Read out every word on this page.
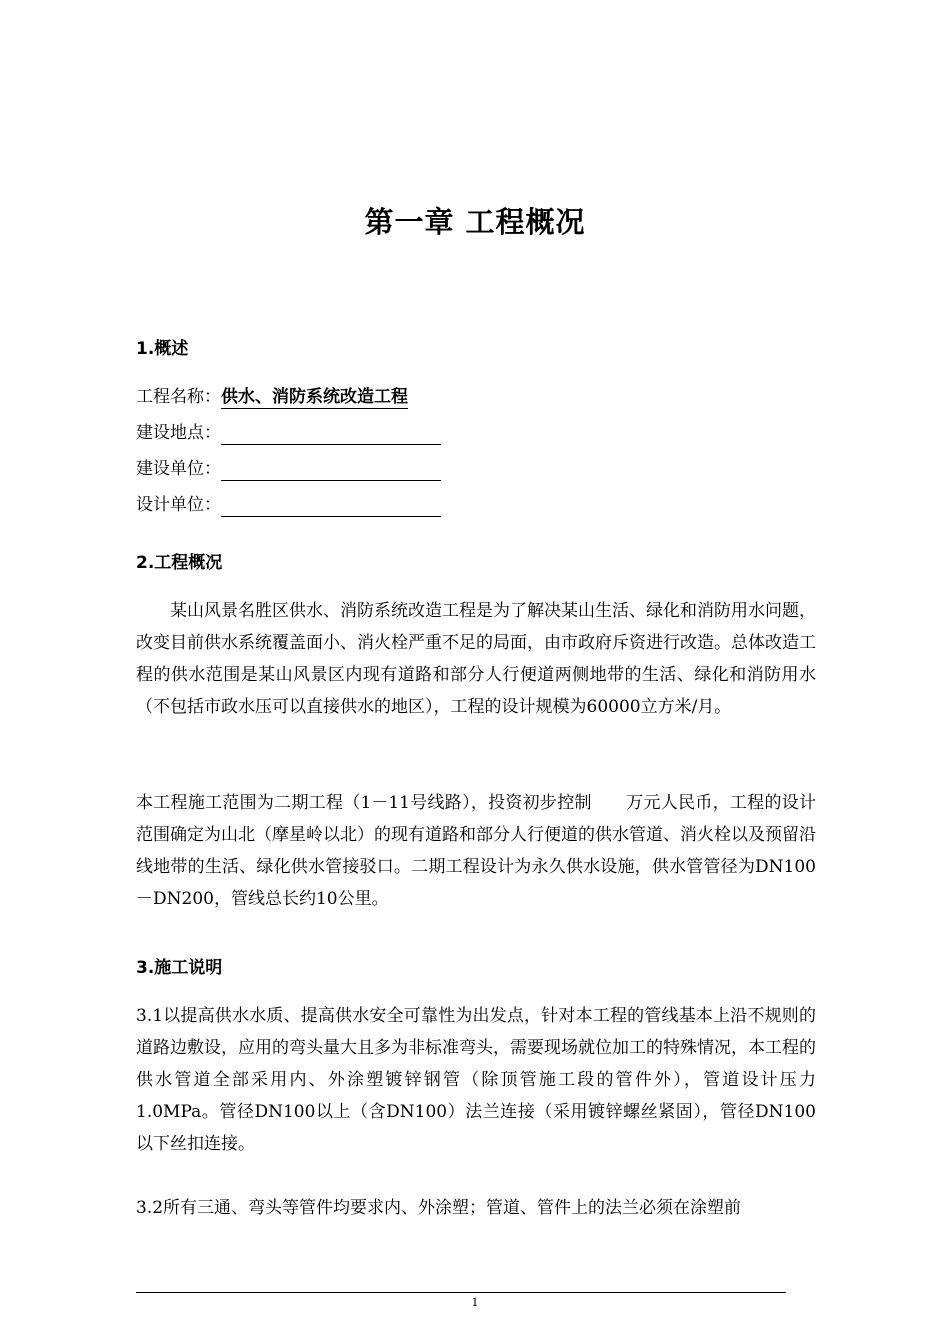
第一章 工程概况
1.概述
工程名称：供水、消防系统改造工程
建设地点：
建设单位：
设计单位：
2.工程概况

某山风景名胜区供水、消防系统改造工程是为了解决某山生活、绿化和消防用水问题，改变目前供水系统覆盖面小、消火栓严重不足的局面，由市政府斥资进行改造。总体改造工程的供水范围是某山风景区内现有道路和部分人行便道两侧地带的生活、绿化和消防用水（不包括市政水压可以直接供水的地区），工程的设计规模为60000立方米/月。

本工程施工范围为二期工程（1－11号线路），投资初步控制　　万元人民币，工程的设计范围确定为山北（摩星岭以北）的现有道路和部分人行便道的供水管道、消火栓以及预留沿线地带的生活、绿化供水管接驳口。二期工程设计为永久供水设施，供水管管径为DN100－DN200，管线总长约10公里。

3.施工说明

3.1以提高供水水质、提高供水安全可靠性为出发点，针对本工程的管线基本上沿不规则的道路边敷设，应用的弯头量大且多为非标准弯头，需要现场就位加工的特殊情况，本工程的供水管道全部采用内、外涂塑镀锌钢管（除顶管施工段的管件外），管道设计压力1.0MPa。管径DN100以上（含DN100）法兰连接（采用镀锌螺丝紧固），管径DN100以下丝扣连接。

3.2所有三通、弯头等管件均要求内、外涂塑；管道、管件上的法兰必须在涂塑前

1
